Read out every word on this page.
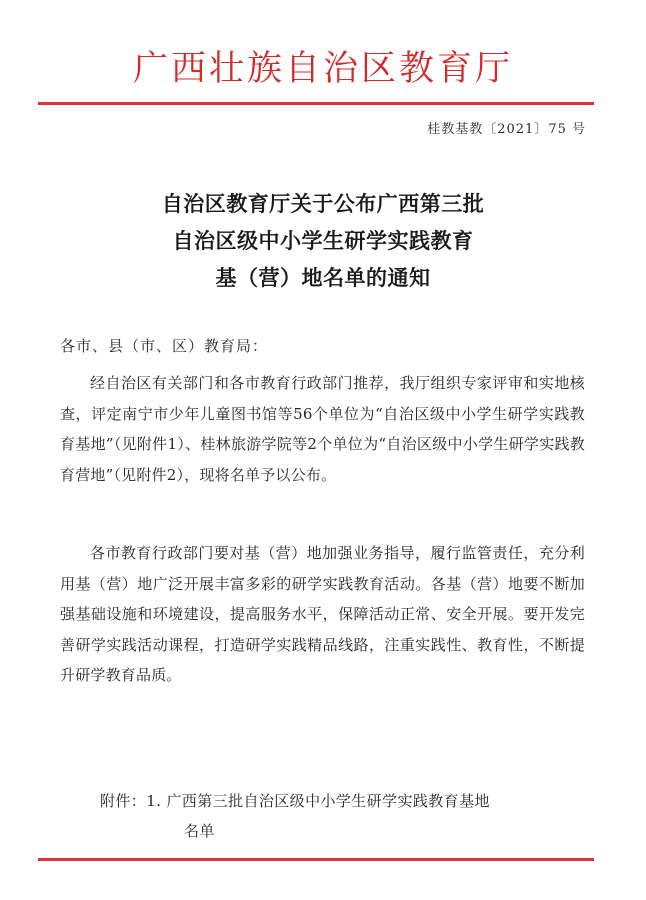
广西壮族自治区教育厅
桂教基教〔2021〕75 号
自治区教育厅关于公布广西第三批
自治区级中小学生研学实践教育
基（营）地名单的通知
各市、县（市、区）教育局：
经自治区有关部门和各市教育行政部门推荐，我厅组织专家评审和实地核查，评定南宁市少年儿童图书馆等56个单位为“自治区级中小学生研学实践教育基地”（见附件1）、桂林旅游学院等2个单位为“自治区级中小学生研学实践教育营地”（见附件2），现将名单予以公布。
各市教育行政部门要对基（营）地加强业务指导，履行监管责任，充分利用基（营）地广泛开展丰富多彩的研学实践教育活动。各基（营）地要不断加强基础设施和环境建设，提高服务水平，保障活动正常、安全开展。要开发完善研学实践活动课程，打造研学实践精品线路，注重实践性、教育性，不断提升研学教育品质。
附件：1. 广西第三批自治区级中小学生研学实践教育基地
名单
